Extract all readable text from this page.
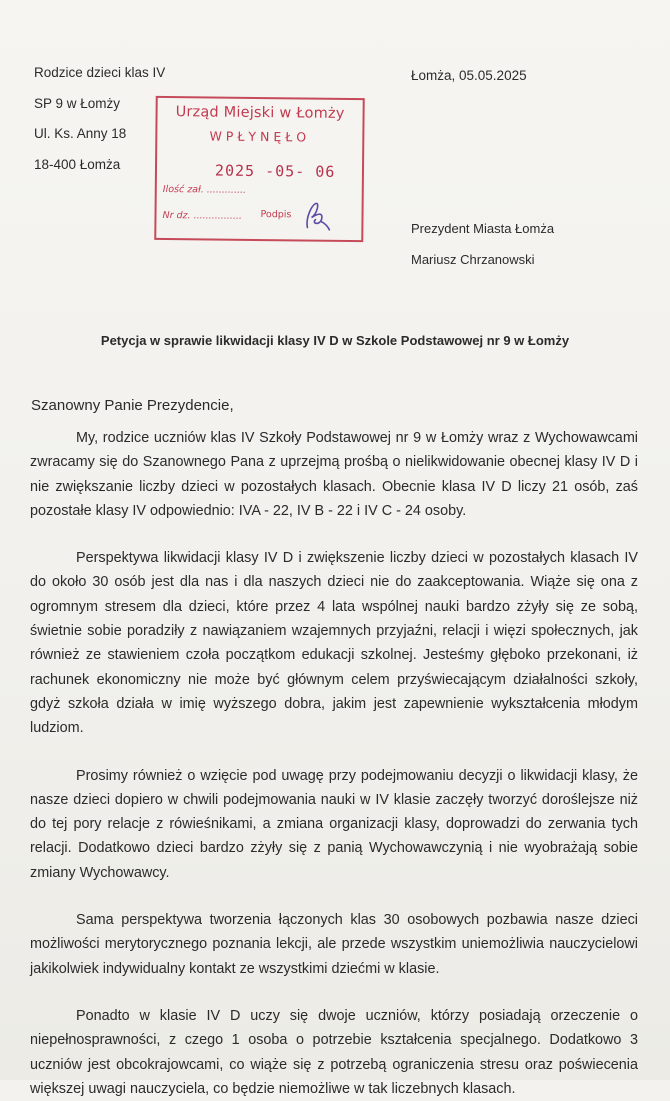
Rodzice dzieci klas IV
SP 9 w Łomży
Ul. Ks. Anny 18
18-400 Łomża
Łomża, 05.05.2025
Urząd Miejski w Łomży
WPŁYNĘŁO
2025 -05- 06
Ilość zał. .............
Nr dz. ................ Podpis
Prezydent Miasta Łomża
Mariusz Chrzanowski
Petycja w sprawie likwidacji klasy IV D w Szkole Podstawowej nr 9 w Łomży
Szanowny Panie Prezydencie,

My, rodzice uczniów klas IV Szkoły Podstawowej nr 9 w Łomży wraz z Wychowawcami zwracamy się do Szanownego Pana z uprzejmą prośbą o nielikwidowanie obecnej klasy IV D i nie zwiększanie liczby dzieci w pozostałych klasach. Obecnie klasa IV D liczy 21 osób, zaś pozostałe klasy IV odpowiednio: IVA - 22, IV B - 22 i IV C - 24 osoby.

Perspektywa likwidacji klasy IV D i zwiększenie liczby dzieci w pozostałych klasach IV do około 30 osób jest dla nas i dla naszych dzieci nie do zaakceptowania. Wiąże się ona z ogromnym stresem dla dzieci, które przez 4 lata wspólnej nauki bardzo zżyły się ze sobą, świetnie sobie poradziły z nawiązaniem wzajemnych przyjaźni, relacji i więzi społecznych, jak również ze stawieniem czoła początkom edukacji szkolnej. Jesteśmy głęboko przekonani, iż rachunek ekonomiczny nie może być głównym celem przyświecającym działalności szkoły, gdyż szkoła działa w imię wyższego dobra, jakim jest zapewnienie wykształcenia młodym ludziom.

Prosimy również o wzięcie pod uwagę przy podejmowaniu decyzji o likwidacji klasy, że nasze dzieci dopiero w chwili podejmowania nauki w IV klasie zaczęły tworzyć doroślejsze niż do tej pory relacje z rówieśnikami, a zmiana organizacji klasy, doprowadzi do zerwania tych relacji. Dodatkowo dzieci bardzo zżyły się z panią Wychowawczynią i nie wyobrażają sobie zmiany Wychowawcy.

Sama perspektywa tworzenia łączonych klas 30 osobowych pozbawia nasze dzieci możliwości merytorycznego poznania lekcji, ale przede wszystkim uniemożliwia nauczycielowi jakikolwiek indywidualny kontakt ze wszystkimi dziećmi w klasie.

Ponadto w klasie IV D uczy się dwoje uczniów, którzy posiadają orzeczenie o niepełnosprawności, z czego 1 osoba o potrzebie kształcenia specjalnego. Dodatkowo 3 uczniów jest obcokrajowcami, co wiąże się z potrzebą ograniczenia stresu oraz poświecenia większej uwagi nauczyciela, co będzie niemożliwe w tak liczebnych klasach.
